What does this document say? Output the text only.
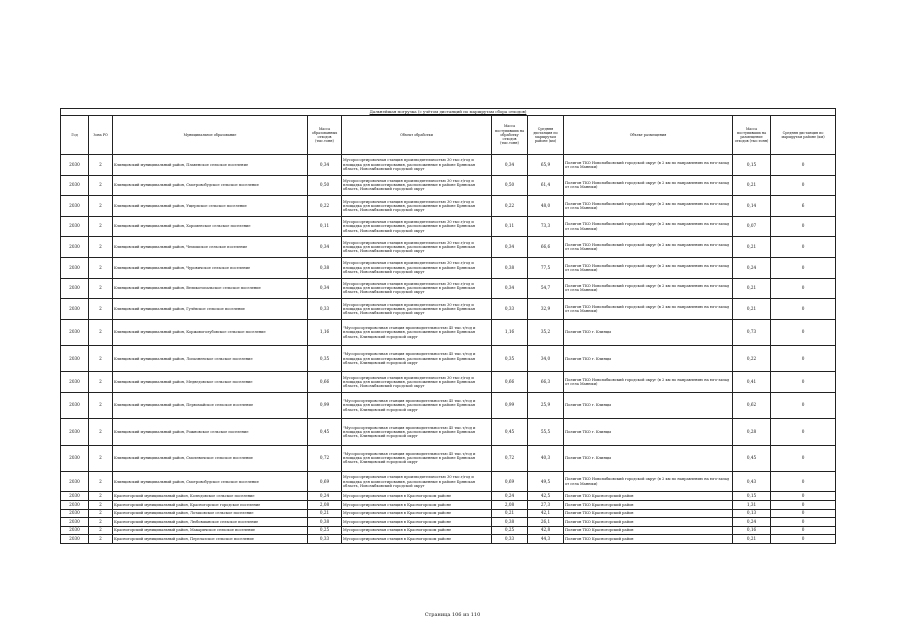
Дальнейшая погрузка (с учётом дистанций по маршрутам сбора отходов)									
Год	Зона РО	Муниципальное образование	Масса образованных отходов (тыс.тонн)	Объект обработки	Масса поступивших на обработку отходов (тыс.тонн)	Средняя дистанция по маршрутам районе (км)	Объект размещения	Масса поступивших на размещение отходов (тыс.тонн)	Средняя дистанция по маршрутам районе (км)
2030	2	Клинцовский муниципальный район, Плавенское сельское поселение	0,34	Мусоросортировочная станция производительностью 30 тыс.т/год и площадка для компостирования, расположенные в районе Брянская область, Новозыбковский городской округ	0,34	65,9	Полигон ТКО Новозыбковский городской округ (в 2 км по направлению на юго-запад от села Манюки)	0,15	0
2030	2	Клинцовский муниципальный район, Смотровобудское сельское поселение	0,50	Мусоросортировочная станция производительностью 30 тыс.т/год и площадка для компостирования, расположенные в районе Брянская область, Новозыбковский городской округ	0,50	61,4	Полигон ТКО Новозыбковский городской округ (в 2 км по направлению на юго-запад от села Манюки)	0,21	0
2030	2	Клинцовский муниципальный район, Ущерпское сельское поселение	0,22	Мусоросортировочная станция производительностью 30 тыс.т/год и площадка для компостирования, расположенные в районе Брянская область, Новозыбковский городской округ	0,22	48,0	Полигон ТКО Новозыбковский городской округ (в 2 км по направлению на юго-запад от села Манюки)	0,14	6
2030	2	Клинцовский муниципальный район, Хороменское сельское поселение	0,11	Мусоросортировочная станция производительностью 30 тыс.т/год и площадка для компостирования, расположенные в районе Брянская область, Новозыбковский городской округ	0,11	73,3	Полигон ТКО Новозыбковский городской округ (в 2 км по направлению на юго-запад от села Манюки)	0,07	0
2030	2	Клинцовский муниципальный район, Чемошское сельское поселение	0,34	Мусоросортировочная станция производительностью 30 тыс.т/год и площадка для компостирования, расположенные в районе Брянская область, Новозыбковский городской округ	0,34	66,6	Полигон ТКО Новозыбковский городской округ (в 2 км по направлению на юго-запад от села Манюки)	0,21	0
2030	2	Клинцовский муниципальный район, Чуровичское сельское поселение	0,38	Мусоросортировочная станция производительностью 30 тыс.т/год и площадка для компостирования, расположенные в районе Брянская область, Новозыбковский городской округ	0,38	77,5	Полигон ТКО Новозыбковский городской округ (в 2 км по направлению на юго-запад от села Манюки)	0,24	0
2030	2	Клинцовский муниципальный район, Великотопальское сельское поселение	0,34	Мусоросортировочная станция производительностью 30 тыс.т/год и площадка для компостирования, расположенные в районе Брянская область, Новозыбковский городской округ	0,34	54,7	Полигон ТКО Новозыбковский городской округ (в 2 км по направлению на юго-запад от села Манюки)	0,21	0
2030	2	Клинцовский муниципальный район, Гулёвское сельское поселение	0,33	Мусоросортировочная станция производительностью 30 тыс.т/год и площадка для компостирования, расположенные в районе Брянская область, Новозыбковский городской округ	0,33	32,9	Полигон ТКО Новозыбковский городской округ (в 2 км по направлению на юго-запад от села Манюки)	0,21	0
2030	2	Клинцовский муниципальный район, Коржовоголубовское сельское поселение	1,16	"Мусоросортировочная станция производительностью 45 тыс.т/год и площадка для компостирования, расположенные в районе Брянская область, Клинцовский городской округ	1,16	35,2	Полигон ТКО г. Клинцы	0,73	0
2030	2	Клинцовский муниципальный район, Лопазненское сельское поселение	0,35	"Мусоросортировочная станция производительностью 45 тыс.т/год и площадка для компостирования, расположенные в районе Брянская область, Клинцовский городской округ	0,35	34,0	Полигон ТКО г. Клинцы	0,22	0
2030	2	Клинцовский муниципальный район, Медведовское сельское поселение	0,66	Мусоросортировочная станция производительностью 30 тыс.т/год и площадка для компостирования, расположенные в районе Брянская область, Новозыбковский городской округ	0,66	66,3	Полигон ТКО Новозыбковский городской округ (в 2 км по направлению на юго-запад от села Манюки)	0,41	0
2030	2	Клинцовский муниципальный район, Первомайское сельское поселение	0,99	"Мусоросортировочная станция производительностью 45 тыс.т/год и площадка для компостирования, расположенные в районе Брянская область, Клинцовский городской округ	0,99	25,9	Полигон ТКО г. Клинцы	0,62	0
2030	2	Клинцовский муниципальный район, Рожновское сельское поселение	0,45	"Мусоросортировочная станция производительностью 45 тыс.т/год и площадка для компостирования, расположенные в районе Брянская область, Клинцовский городской округ	0,45	55,5	Полигон ТКО г. Клинцы	0,28	0
2030	2	Клинцовский муниципальный район, Смолевичское сельское поселение	0,72	"Мусоросортировочная станция производительностью 45 тыс.т/год и площадка для компостирования, расположенные в районе Брянская область, Клинцовский городской округ	0,72	40,3	Полигон ТКО г. Клинцы	0,45	0
2030	2	Клинцовский муниципальный район, Смотровобудское сельское поселение	0,69	Мусоросортировочная станция производительностью 30 тыс.т/год и площадка для компостирования, расположенные в районе Брянская область, Новозыбковский городской округ	0,69	49,5	Полигон ТКО Новозыбковский городской округ (в 2 км по направлению на юго-запад от села Манюки)	0,43	0
2030	2	Красногорский муниципальный район, Колюдовское сельское поселение	0,24	Мусоросортировочная станция в Красногорском районе	0,24	42,5	Полигон ТКО Красногорский район	0,15	0
2030	2	Красногорский муниципальный район, Красногорское городское поселение	2,08	Мусоросортировочная станция в Красногорском районе	2,08	27,3	Полигон ТКО Красногорский район	1,31	0
2030	2	Красногорский муниципальный район, Лотаковское сельское поселение	0,21	Мусоросортировочная станция в Красногорском районе	0,21	42,1	Полигон ТКО Красногорский район	0,13	0
2030	2	Красногорский муниципальный район, Любовшанское сельское поселение	0,38	Мусоросортировочная станция в Красногорском районе	0,38	26,1	Полигон ТКО Красногорский район	0,24	0
2030	2	Красногорский муниципальный район, Макаричское сельское поселение	0,25	Мусоросортировочная станция в Красногорском районе	0,25	42,8	Полигон ТКО Красногорский район	0,16	0
2030	2	Красногорский муниципальный район, Перелазское сельское поселение	0,33	Мусоросортировочная станция в Красногорском районе	0,33	44,3	Полигон ТКО Красногорский район	0,21	0
Страница 106 из 110
